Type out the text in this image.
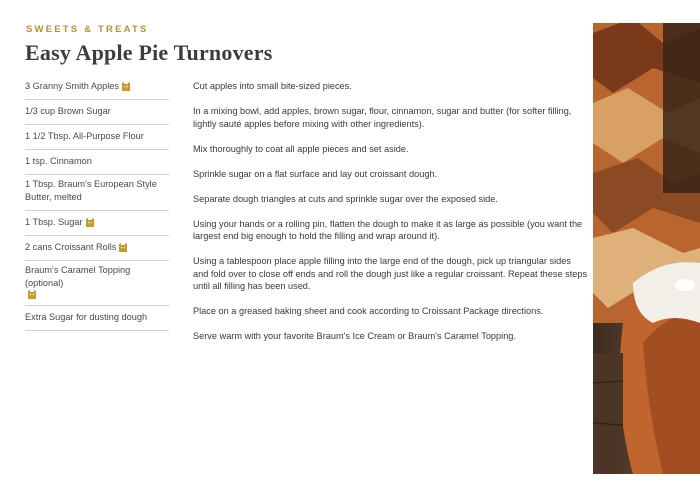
SWEETS & TREATS
Easy Apple Pie Turnovers
3 Granny Smith Apples
1/3 cup Brown Sugar
1 1/2 Tbsp. All-Purpose Flour
1 tsp. Cinnamon
1 Tbsp. Braum's European Style Butter, melted
1 Tbsp. Sugar
2 cans Croissant Rolls
Braum's Caramel Topping (optional)
Extra Sugar for dusting dough
Cut apples into small bite-sized pieces.
In a mixing bowl, add apples, brown sugar, flour, cinnamon, sugar and butter (for softer filling, lightly sauté apples before mixing with other ingredients).
Mix thoroughly to coat all apple pieces and set aside.
Sprinkle sugar on a flat surface and lay out croissant dough.
Separate dough triangles at cuts and sprinkle sugar over the exposed side.
Using your hands or a rolling pin, flatten the dough to make it as large as possible (you want the largest end big enough to hold the filling and wrap around it).
Using a tablespoon place apple filling into the large end of the dough, pick up triangular sides and fold over to close off ends and roll the dough just like a regular croissant. Repeat these steps until all filling has been used.
Place on a greased baking sheet and cook according to Croissant Package directions.
Serve warm with your favorite Braum's Ice Cream or Braum's Caramel Topping.
